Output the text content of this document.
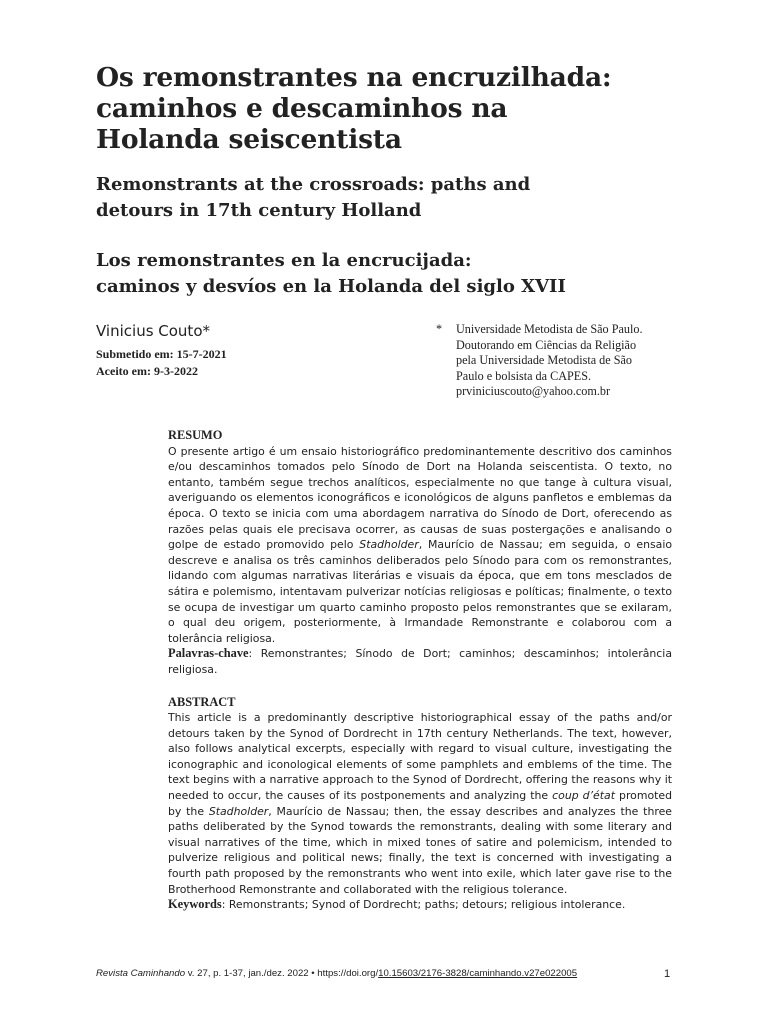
Os remonstrantes na encruzilhada:
caminhos e descaminhos na
Holanda seiscentista
Remonstrants at the crossroads: paths and
detours in 17th century Holland
Los remonstrantes en la encrucijada:
caminos y desvíos en la Holanda del siglo XVII
Vinicius Couto*
Submetido em: 15-7-2021
Aceito em: 9-3-2022
* Universidade Metodista de São Paulo.
Doutorando em Ciências da Religião
pela Universidade Metodista de São
Paulo e bolsista da CAPES.
prviniciuscouto@yahoo.com.br

RESUMO

O presente artigo é um ensaio historiográfico predominantemente descritivo dos caminhos e/ou descaminhos tomados pelo Sínodo de Dort na Holanda seiscentista. O texto, no entanto, também segue trechos analíticos, especialmente no que tange à cultura visual, averiguando os elementos iconográficos e iconológicos de alguns panfletos e emblemas da época. O texto se inicia com uma abordagem narrativa do Sínodo de Dort, oferecendo as razões pelas quais ele precisava ocorrer, as causas de suas postergações e analisando o golpe de estado promovido pelo Stadholder, Maurício de Nassau; em seguida, o ensaio descreve e analisa os três caminhos deliberados pelo Sínodo para com os remonstrantes, lidando com algumas narrativas literárias e visuais da época, que em tons mesclados de sátira e polemismo, intentavam pulverizar notícias religiosas e políticas; finalmente, o texto se ocupa de investigar um quarto caminho proposto pelos remonstrantes que se exilaram, o qual deu origem, posteriormente, à Irmandade Remonstrante e colaborou com a tolerância religiosa.

Palavras-chave: Remonstrantes; Sínodo de Dort; caminhos; descaminhos; intolerância religiosa.

ABSTRACT

This article is a predominantly descriptive historiographical essay of the paths and/or detours taken by the Synod of Dordrecht in 17th century Netherlands. The text, however, also follows analytical excerpts, especially with regard to visual culture, investigating the iconographic and iconological elements of some pamphlets and emblems of the time. The text begins with a narrative approach to the Synod of Dordrecht, offering the reasons why it needed to occur, the causes of its postponements and analyzing the coup d’état promoted by the Stadholder, Maurício de Nassau; then, the essay describes and analyzes the three paths deliberated by the Synod towards the remonstrants, dealing with some literary and visual narratives of the time, which in mixed tones of satire and polemicism, intended to pulverize religious and political news; finally, the text is concerned with investigating a fourth path proposed by the remonstrants who went into exile, which later gave rise to the Brotherhood Remonstrante and collaborated with the religious tolerance.

Keywords: Remonstrants; Synod of Dordrecht; paths; detours; religious intolerance.

Revista Caminhando v. 27, p. 1-37, jan./dez. 2022 • https://doi.org/10.15603/2176-3828/caminhando.v27e022005	1
